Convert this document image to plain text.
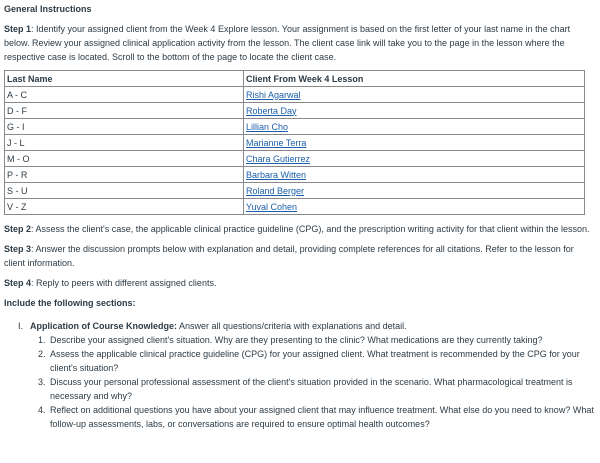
General Instructions

Step 1: Identify your assigned client from the Week 4 Explore lesson. Your assignment is based on the first letter of your last name in the chart below. Review your assigned clinical application activity from the lesson. The client case link will take you to the page in the lesson where the respective case is located. Scroll to the bottom of the page to locate the client case.

Last Name	Client From Week 4 Lesson
A - C	Rishi Agarwal
D - F	Roberta Day
G - I	Lillian Cho
J - L	Marianne Terra
M - O	Chara Gutierrez
P - R	Barbara Witten
S - U	Roland Berger
V - Z	Yuval Cohen

Step 2: Assess the client's case, the applicable clinical practice guideline (CPG), and the prescription writing activity for that client within the lesson.

Step 3: Answer the discussion prompts below with explanation and detail, providing complete references for all citations. Refer to the lesson for client information.

Step 4: Reply to peers with different assigned clients.

Include the following sections:
I. Application of Course Knowledge: Answer all questions/criteria with explanations and detail.
1. Describe your assigned client's situation. Why are they presenting to the clinic? What medications are they currently taking?
2. Assess the applicable clinical practice guideline (CPG) for your assigned client. What treatment is recommended by the CPG for your client's situation?
3. Discuss your personal professional assessment of the client's situation provided in the scenario. What pharmacological treatment is necessary and why?
4. Reflect on additional questions you have about your assigned client that may influence treatment. What else do you need to know? What follow-up assessments, labs, or conversations are required to ensure optimal health outcomes?
